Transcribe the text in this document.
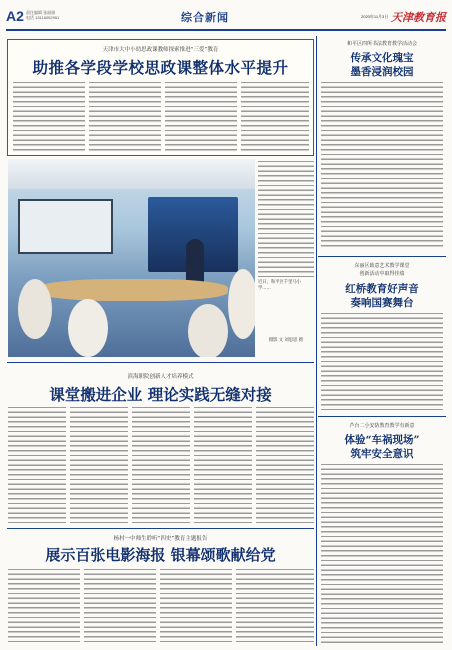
A2 责任编辑 张丽娟
电话 13116052951	综合新闻	2020年11月3日 天津教育报
天津市大中小幼思政课教师探索推进“三爱”教育
助推各学段学校思政课整体水平提升
近日，和平区千里马小学……
摄影 文 刘思思 摄
滨海职院创新人才培养模式
课堂搬进企业 理论实践无缝对接
杨村一中师生聆听“四史”教育主题报告
展示百张电影海报 银幕颂歌献给党
和平区四所书法教育教学活动会
传承文化瑰宝
墨香浸润校园
东丽区致意艺术教学课堂
创新活动中取得佳绩
红桥教育好声音
奏响国赛舞台
芦台二小安防教育教学有新意
体验“车祸现场”
筑牢安全意识
